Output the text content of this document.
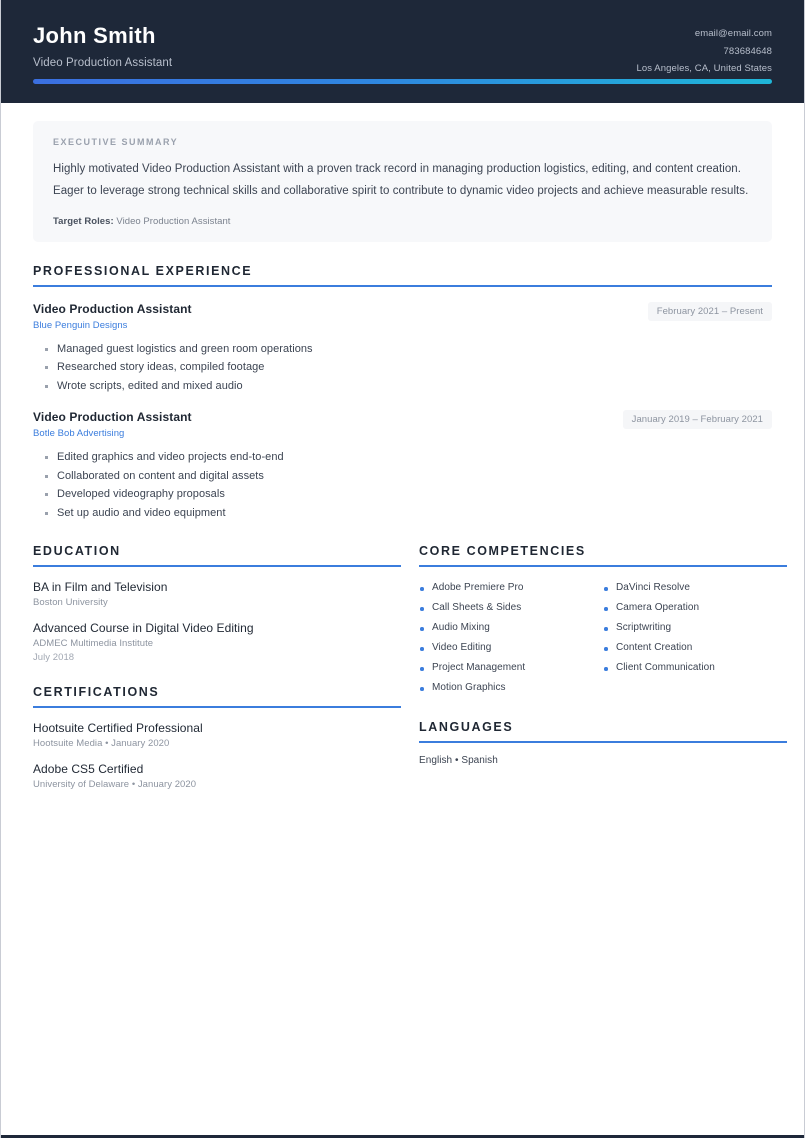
John Smith
Video Production Assistant
email@email.com
783684648
Los Angeles, CA, United States
EXECUTIVE SUMMARY
Highly motivated Video Production Assistant with a proven track record in managing production logistics, editing, and content creation. Eager to leverage strong technical skills and collaborative spirit to contribute to dynamic video projects and achieve measurable results.
Target Roles: Video Production Assistant
PROFESSIONAL EXPERIENCE
Video Production Assistant
Blue Penguin Designs
February 2021 – Present
Managed guest logistics and green room operations
Researched story ideas, compiled footage
Wrote scripts, edited and mixed audio
Video Production Assistant
Botle Bob Advertising
January 2019 – February 2021
Edited graphics and video projects end-to-end
Collaborated on content and digital assets
Developed videography proposals
Set up audio and video equipment
EDUCATION
BA in Film and Television
Boston University
Advanced Course in Digital Video Editing
ADMEC Multimedia Institute
July 2018
CERTIFICATIONS
Hootsuite Certified Professional
Hootsuite Media • January 2020
Adobe CS5 Certified
University of Delaware • January 2020
CORE COMPETENCIES
Adobe Premiere Pro
Call Sheets & Sides
Audio Mixing
Video Editing
Project Management
Motion Graphics
DaVinci Resolve
Camera Operation
Scriptwriting
Content Creation
Client Communication
LANGUAGES
English • Spanish
